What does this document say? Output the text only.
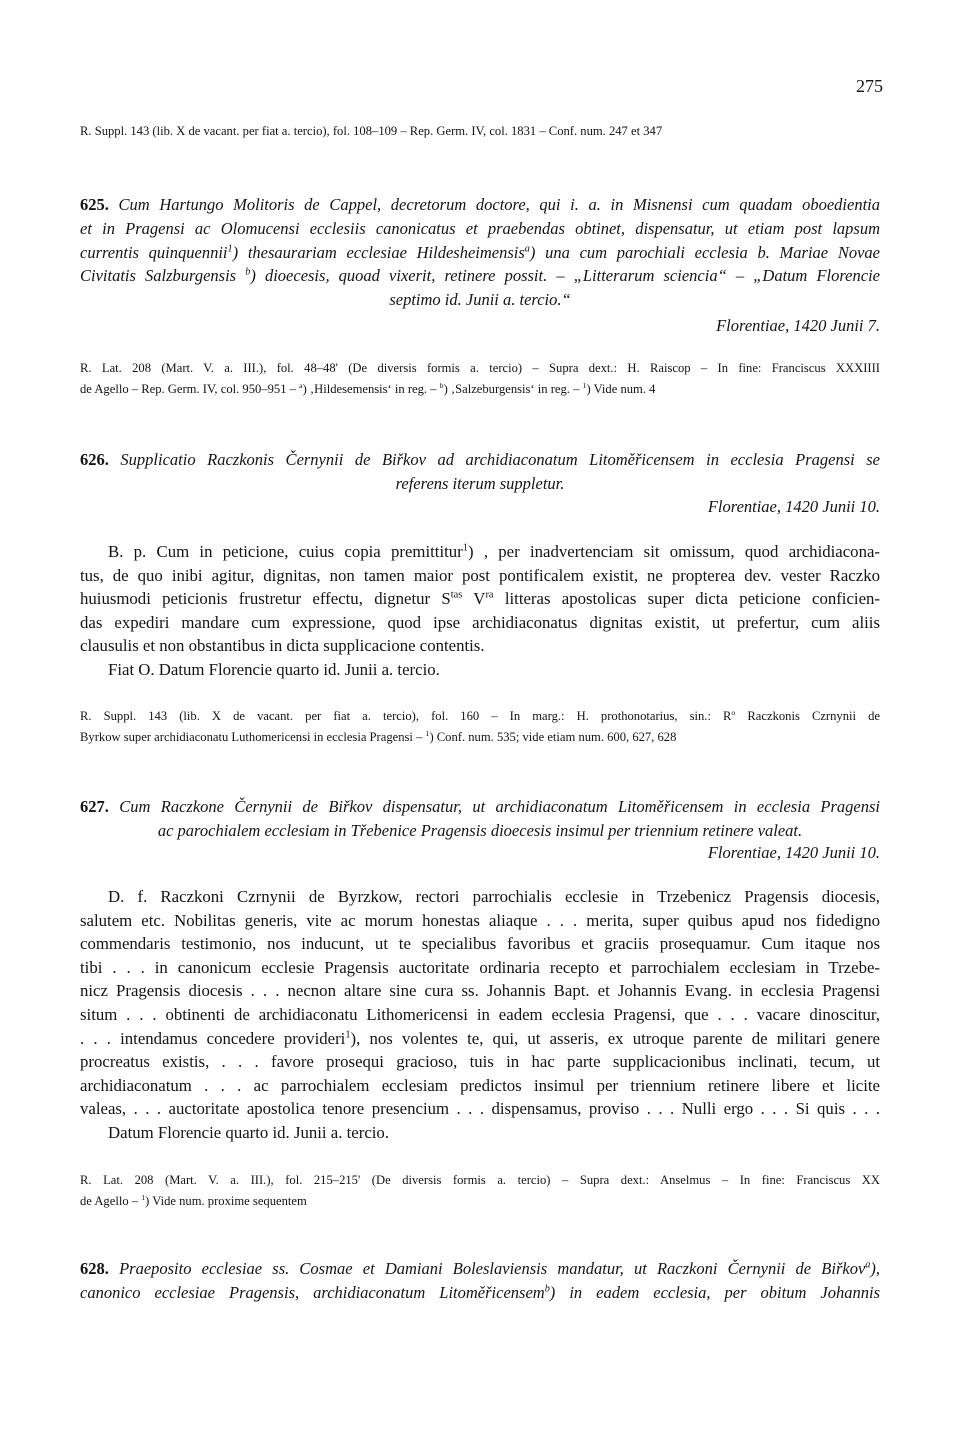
275
R. Suppl. 143 (lib. X de vacant. per fiat a. tercio), fol. 108–109 – Rep. Germ. IV, col. 1831 – Conf. num. 247 et 347
625. Cum Hartungo Molitoris de Cappel, decretorum doctore, qui i. a. in Misnensi cum quadam oboedientia
et in Pragensi ac Olomucensi ecclesiis canonicatus et praebendas obtinet, dispensatur, ut etiam post lapsum
currentis quinquennii$^1$) thesaurariam ecclesiae Hildesheimensis$^a$) una cum parochiali ecclesia b. Mariae Novae
Civitatis Salzburgensis $^b$) dioecesis, quoad vixerit, retinere possit. – „Litterarum sciencia“ – „Datum Florencie
septimo id. Junii a. tercio.“
Florentiae, 1420 Junii 7.
R. Lat. 208 (Mart. V. a. III.), fol. 48–48' (De diversis formis a. tercio) – Supra dext.: H. Raiscop – In fine: Franciscus XXXIIII
de Agello – Rep. Germ. IV, col. 950–951 – $^a$) ‚Hildesemensis‘ in reg. – $^b$) ‚Salzeburgensis‘ in reg. – $^1$) Vide num. 4
626. Supplicatio Raczkonis Černynii de Biřkov ad archidiaconatum Litoměřicensem in ecclesia Pragensi se
referens iterum suppletur.
Florentiae, 1420 Junii 10.
B. p. Cum in peticione, cuius copia premittitur$^1$) , per inadvertenciam sit omissum, quod archidiacona-
tus, de quo inibi agitur, dignitas, non tamen maior post pontificalem existit, ne propterea dev. vester Raczko
huiusmodi peticionis frustretur effectu, dignetur $S^{tas}$ $V^{ra}$ litteras apostolicas super dicta peticione conficien-
das expediri mandare cum expressione, quod ipse archidiaconatus dignitas existit, ut prefertur, cum aliis
clausulis et non obstantibus in dicta supplicacione contentis.
Fiat O. Datum Florencie quarto id. Junii a. tercio.
R. Suppl. 143 (lib. X de vacant. per fiat a. tercio), fol. 160 – In marg.: H. prothonotarius, sin.: $R^o$ Raczkonis Czrnynii de
Byrkow super archidiaconatu Luthomericensi in ecclesia Pragensi – $^1$) Conf. num. 535; vide etiam num. 600, 627, 628
627. Cum Raczkone Černynii de Biřkov dispensatur, ut archidiaconatum Litoměřicensem in ecclesia Pragensi
ac parochialem ecclesiam in Třebenice Pragensis dioecesis insimul per triennium retinere valeat.
Florentiae, 1420 Junii 10.
D. f. Raczkoni Czrnynii de Byrzkow, rectori parrochialis ecclesie in Trzebenicz Pragensis diocesis,
salutem etc. Nobilitas generis, vite ac morum honestas aliaque . . . merita, super quibus apud nos fidedigno
commendaris testimonio, nos inducunt, ut te specialibus favoribus et graciis prosequamur. Cum itaque nos
tibi . . . in canonicum ecclesie Pragensis auctoritate ordinaria recepto et parrochialem ecclesiam in Trzebe-
nicz Pragensis diocesis . . . necnon altare sine cura ss. Johannis Bapt. et Johannis Evang. in ecclesia Pragensi
situm . . . obtinenti de archidiaconatu Lithomericensi in eadem ecclesia Pragensi, que . . . vacare dinoscitur,
. . . intendamus concedere provideri$^1$), nos volentes te, qui, ut asseris, ex utroque parente de militari genere
procreatus existis, . . . favore prosequi gracioso, tuis in hac parte supplicacionibus inclinati, tecum, ut
archidiaconatum . . . ac parrochialem ecclesiam predictos insimul per triennium retinere libere et licite
valeas, . . . auctoritate apostolica tenore presencium . . . dispensamus, proviso . . . Nulli ergo . . . Si quis . . .
Datum Florencie quarto id. Junii a. tercio.
R. Lat. 208 (Mart. V. a. III.), fol. 215–215' (De diversis formis a. tercio) – Supra dext.: Anselmus – In fine: Franciscus XX
de Agello – $^1$) Vide num. proxime sequentem
628. Praeposito ecclesiae ss. Cosmae et Damiani Boleslaviensis mandatur, ut Raczkoni Černynii de Biřkov$^a$),
canonico ecclesiae Pragensis, archidiaconatum Litoměřicensem$^b$) in eadem ecclesia, per obitum Johannis
